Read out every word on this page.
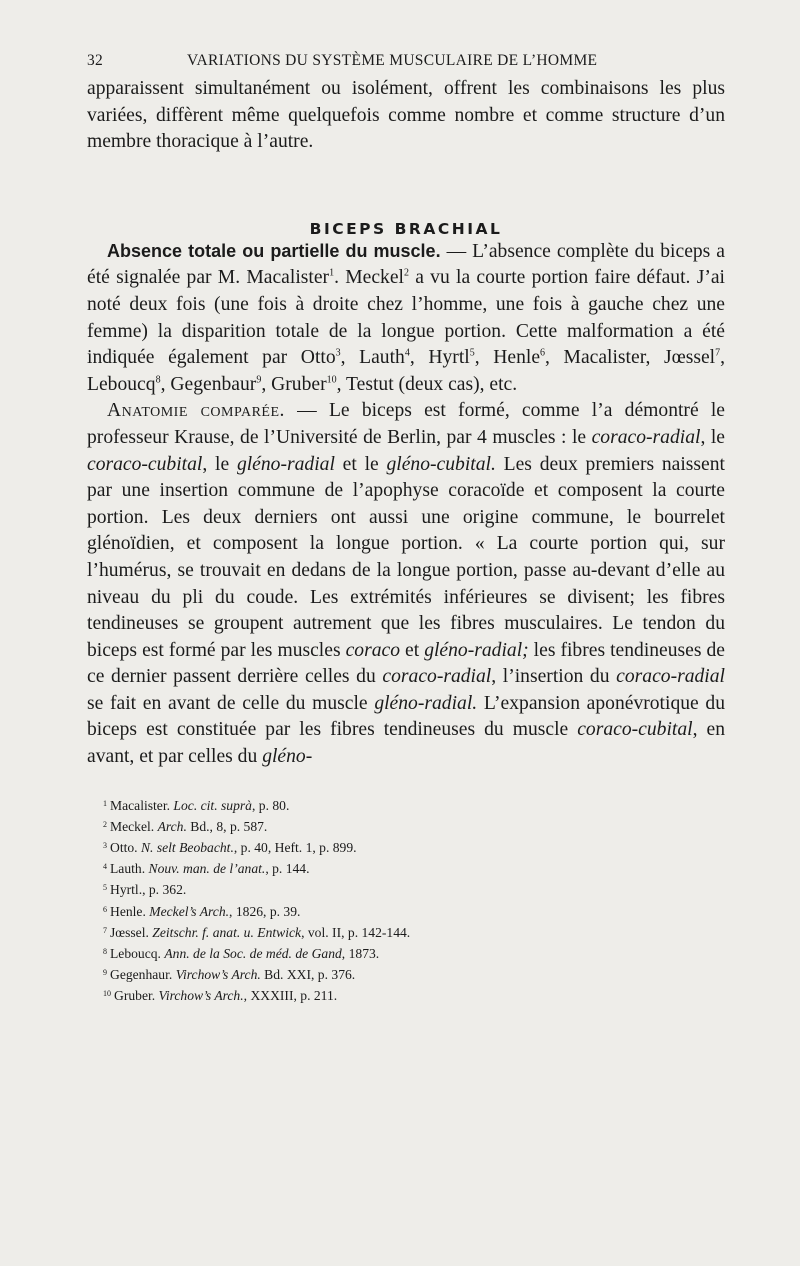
32	VARIATIONS DU SYSTÈME MUSCULAIRE DE L’HOMME

apparaissent simultanément ou isolément, offrent les combinaisons les plus variées, diffèrent même quelquefois comme nombre et comme structure d’un membre thoracique à l’autre.

BICEPS BRACHIAL

Absence totale ou partielle du muscle. — L’absence complète du biceps a été signalée par M. Macalister$^1$. Meckel$^2$ a vu la courte portion faire défaut. J’ai noté deux fois (une fois à droite chez l’homme, une fois à gauche chez une femme) la disparition totale de la longue portion. Cette malformation a été indiquée également par Otto$^3$, Lauth$^4$, Hyrtl$^5$, Henle$^6$, Macalister, Jœssel$^7$, Leboucq$^8$, Gegenbaur$^9$, Gruber$^{10}$, Testut (deux cas), etc.

Anatomie comparée. — Le biceps est formé, comme l’a démontré le professeur Krause, de l’Université de Berlin, par 4 muscles : le coraco-radial, le coraco-cubital, le gléno-radial et le gléno-cubital. Les deux premiers naissent par une insertion commune de l’apophyse coracoïde et composent la courte portion. Les deux derniers ont aussi une origine commune, le bourrelet glénoïdien, et composent la longue portion. « La courte portion qui, sur l’humérus, se trouvait en dedans de la longue portion, passe au-devant d’elle au niveau du pli du coude. Les extrémités inférieures se divisent; les fibres tendineuses se groupent autrement que les fibres musculaires. Le tendon du biceps est formé par les muscles coraco et gléno-radial; les fibres tendineuses de ce dernier passent derrière celles du coraco-radial, l’insertion du coraco-radial se fait en avant de celle du muscle gléno-radial. L’expansion aponévrotique du biceps est constituée par les fibres tendineuses du muscle coraco-cubital, en avant, et par celles du gléno-

$^1$ Macalister. Loc. cit. suprà, p. 80.
$^2$ Meckel. Arch. Bd., 8, p. 587.
$^3$ Otto. N. selt Beobacht., p. 40, Heft. 1, p. 899.
$^4$ Lauth. Nouv. man. de l’anat., p. 144.
$^5$ Hyrtl., p. 362.
$^6$ Henle. Meckel’s Arch., 1826, p. 39.
$^7$ Jœssel. Zeitschr. f. anat. u. Entwick, vol. II, p. 142-144.
$^8$ Leboucq. Ann. de la Soc. de méd. de Gand, 1873.
$^9$ Gegenhaur. Virchow’s Arch. Bd. XXI, p. 376.
$^{10}$ Gruber. Virchow’s Arch., XXXIII, p. 211.
